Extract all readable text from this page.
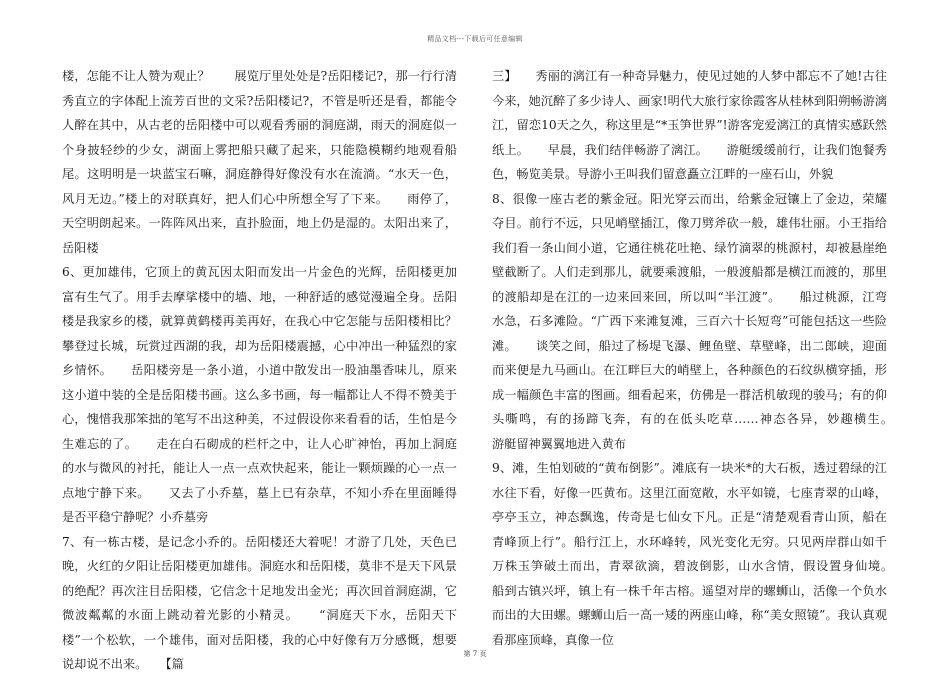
精品文档---下载后可任意编辑

楼，怎能不让人赞为观止？　　展览厅里处处是?岳阳楼记?，那一行行清秀直立的字体配上流芳百世的文采?岳阳楼记?，不管是听还是看，都能令人醉在其中，从古老的岳阳楼中可以观看秀丽的洞庭湖，雨天的洞庭似一个身披轻纱的少女，湖面上雾把船只藏了起来，只能隐模糊约地观看船尾。这明明是一块蓝宝石嘛，洞庭静得好像没有水在流淌。“水天一色，风月无边。”楼上的对联真好，把人们心中所想全写了下来。　　雨停了，天空明朗起来。一阵阵风出来，直扑脸面，地上仍是湿的。太阳出来了，岳阳楼

6、更加雄伟，它顶上的黄瓦因太阳而发出一片金色的光辉，岳阳楼更加富有生气了。用手去摩挲楼中的墙、地，一种舒适的感觉漫遍全身。岳阳楼是我家乡的楼，就算黄鹤楼再美再好，在我心中它怎能与岳阳楼相比？攀登过长城，玩赏过西湖的我，却为岳阳楼震撼，心中冲出一种猛烈的家乡情怀。　　岳阳楼旁是一条小道，小道中散发出一股油墨香味儿，原来这小道中装的全是岳阳楼书画。这么多书画，每一幅都让人不得不赞美于心，愧惜我那笨拙的笔写不出这种美，不过假设你来看看的话，生怕是今生难忘的了。　　走在白石砌成的栏杆之中，让人心旷神怡，再加上洞庭的水与微风的衬托，能让人一点一点欢快起来，能让一颗烦躁的心一点一点地宁静下来。　　又去了小乔墓，墓上已有杂草，不知小乔在里面睡得是否平稳宁静呢？小乔墓旁

7、有一栋古楼，是记念小乔的。岳阳楼还大着呢！才游了几处，天色已晚，火红的夕阳让岳阳楼更加雄伟。洞庭水和岳阳楼，莫非不是天下风景的绝配？再次注目岳阳楼，它信念十足地发出金光；再次回首洞庭湖，它微波粼粼的水面上跳动着光影的小精灵。　　“洞庭天下水，岳阳天下楼”一个松软，一个雄伟，面对岳阳楼，我的心中好像有万分感慨，想要说却说不出来。　　【篇

三】　　秀丽的漓江有一种奇异魅力，使见过她的人梦中都忘不了她!古往今来，她沉醉了多少诗人、画家!明代大旅行家徐霞客从桂林到阳朔畅游漓江，留恋10天之久，称这里是“*玉笋世界”!游客宠爱漓江的真情实感跃然纸上。　　早晨，我们结伴畅游了漓江。　　游艇缓缓前行，让我们饱餐秀色，畅览美景。导游小王叫我们留意矗立江畔的一座石山，外貌

8、很像一座古老的紫金冠。阳光穿云而出，给紫金冠镶上了金边，荣耀夺目。前行不远，只见峭壁插江，像刀劈斧砍一般，雄伟壮丽。小王指给我们看一条山间小道，它通往桃花吐艳、绿竹滴翠的桃源村，却被悬崖绝壁截断了。人们走到那儿，就要乘渡船，一般渡船都是横江而渡的，那里的渡船却是在江的一边来回来回，所以叫“半江渡”。　　船过桃源，江弯水急，石多滩险。“广西下来滩复滩，三百六十长短弯”可能包括这一些险滩。　　谈笑之间，船过了杨堤飞瀑、鲤鱼壁、草壁峰，出二郎峡，迎面而来便是九马画山。在江畔巨大的峭壁上，各种颜色的石纹纵横穿插，形成一幅颜色丰富的图画。细看起来，仿佛是一群活机敏现的骏马；有的仰头嘶鸣，有的扬蹄飞奔，有的在低头吃草……神态各异，妙趣横生。　　游艇留神翼翼地进入黄布

9、滩，生怕划破的“黄布倒影”。滩底有一块米*的大石板，透过碧绿的江水往下看，好像一匹黄布。这里江面宽敞，水平如镜，七座青翠的山峰，亭亭玉立，神态飘逸，传奇是七仙女下凡。正是“清楚观看青山顶，船在青峰顶上行”。船行江上，水环峰转，风光变化无穷。只见两岸群山如千万株玉笋破土而出，青翠欲滴，碧波倒影，山水含情，假设置身仙境。　　船到古镇兴坪，镇上有一株千年古榕。遥望对岸的螺蛳山，活像一个负水而出的大田螺。螺蛳山后一高一矮的两座山峰，称“美女照镜”。我认真观看那座顶峰，真像一位

第 7 页
